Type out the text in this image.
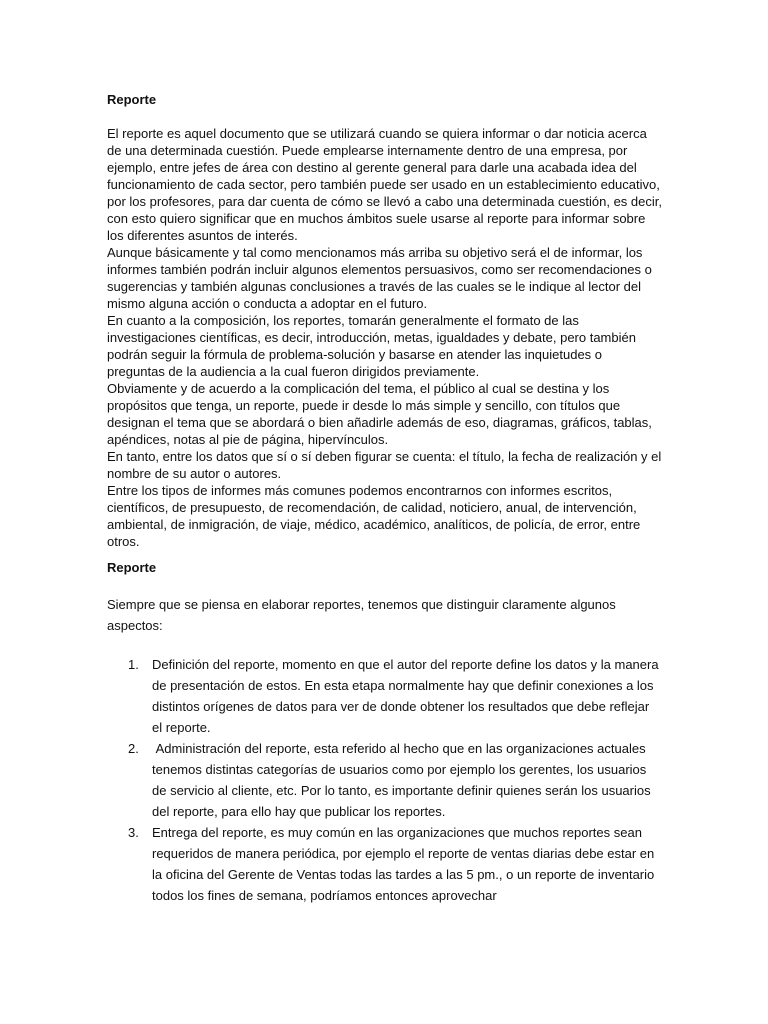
Reporte

El reporte es aquel documento que se utilizará cuando se quiera informar o dar noticia acerca de una determinada cuestión. Puede emplearse internamente dentro de una empresa, por ejemplo, entre jefes de área con destino al gerente general para darle una acabada idea del funcionamiento de cada sector, pero también puede ser usado en un establecimiento educativo, por los profesores, para dar cuenta de cómo se llevó a cabo una determinada cuestión, es decir, con esto quiero significar que en muchos ámbitos suele usarse al reporte para informar sobre los diferentes asuntos de interés.
Aunque básicamente y tal como mencionamos más arriba su objetivo será el de informar, los informes también podrán incluir algunos elementos persuasivos, como ser recomendaciones o sugerencias y también algunas conclusiones a través de las cuales se le indique al lector del mismo alguna acción o conducta a adoptar en el futuro.
En cuanto a la composición, los reportes, tomarán generalmente el formato de las investigaciones científicas, es decir, introducción, metas, igualdades y debate, pero también podrán seguir la fórmula de problema-solución y basarse en atender las inquietudes o preguntas de la audiencia a la cual fueron dirigidos previamente.
Obviamente y de acuerdo a la complicación del tema, el público al cual se destina y los propósitos que tenga, un reporte, puede ir desde lo más simple y sencillo, con títulos que designan el tema que se abordará o bien añadirle además de eso, diagramas, gráficos, tablas, apéndices, notas al pie de página, hipervínculos.
En tanto, entre los datos que sí o sí deben figurar se cuenta: el título, la fecha de realización y el nombre de su autor o autores.
Entre los tipos de informes más comunes podemos encontrarnos con informes escritos, científicos, de presupuesto, de recomendación, de calidad, noticiero, anual, de intervención, ambiental, de inmigración, de viaje, médico, académico, analíticos, de policía, de error, entre otros.

Reporte

Siempre que se piensa en elaborar reportes, tenemos que distinguir claramente algunos aspectos:

1. Definición del reporte, momento en que el autor del reporte define los datos y la manera de presentación de estos. En esta etapa normalmente hay que definir conexiones a los distintos orígenes de datos para ver de donde obtener los resultados que debe reflejar el reporte.
2. Administración del reporte, esta referido al hecho que en las organizaciones actuales tenemos distintas categorías de usuarios como por ejemplo los gerentes, los usuarios de servicio al cliente, etc. Por lo tanto, es importante definir quienes serán los usuarios del reporte, para ello hay que publicar los reportes.
3. Entrega del reporte, es muy común en las organizaciones que muchos reportes sean requeridos de manera periódica, por ejemplo el reporte de ventas diarias debe estar en la oficina del Gerente de Ventas todas las tardes a las 5 pm., o un reporte de inventario todos los fines de semana, podríamos entonces aprovechar
